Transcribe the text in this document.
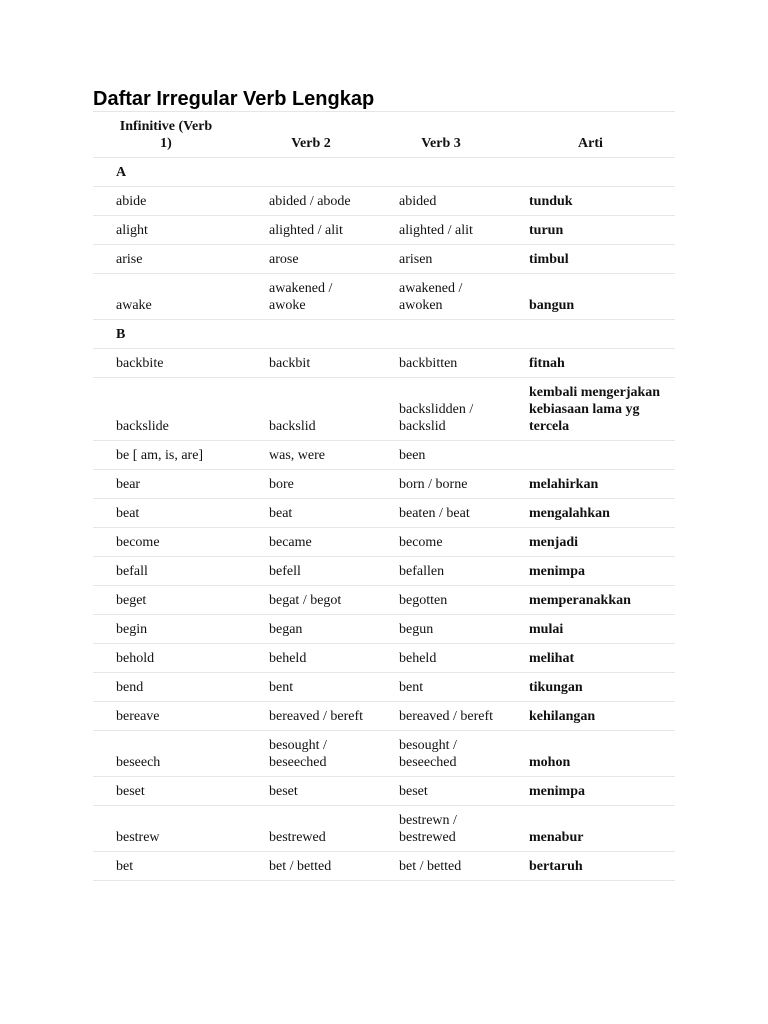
Daftar Irregular Verb Lengkap
Infinitive (Verb 1)	Verb 2	Verb 3	Arti
A			
abide	abided / abode	abided	tunduk
alight	alighted / alit	alighted / alit	turun
arise	arose	arisen	timbul
awake	awakened / awoke	awakened / awoken	bangun
B			
backbite	backbit	backbitten	fitnah
backslide	backslid	backslidden / backslid	kembali mengerjakan kebiasaan lama yg tercela
be [ am, is, are]	was, were	been	
bear	bore	born / borne	melahirkan
beat	beat	beaten / beat	mengalahkan
become	became	become	menjadi
befall	befell	befallen	menimpa
beget	begat / begot	begotten	memperanakkan
begin	began	begun	mulai
behold	beheld	beheld	melihat
bend	bent	bent	tikungan
bereave	bereaved / bereft	bereaved / bereft	kehilangan
beseech	besought / beseeched	besought / beseeched	mohon
beset	beset	beset	menimpa
bestrew	bestrewed	bestrewn / bestrewed	menabur
bet	bet / betted	bet / betted	bertaruh
